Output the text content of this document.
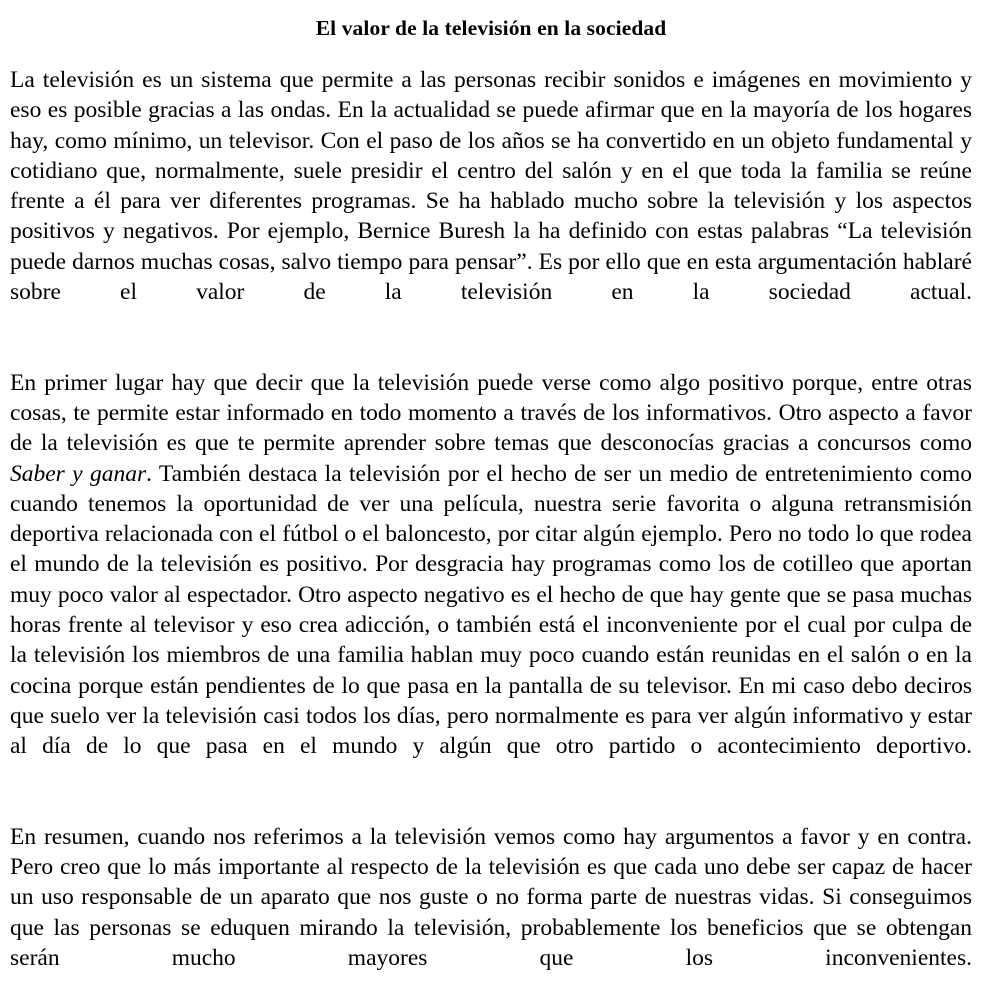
El valor de la televisión en la sociedad

La televisión es un sistema que permite a las personas recibir sonidos e imágenes en movimiento y eso es posible gracias a las ondas. En la actualidad se puede afirmar que en la mayoría de los hogares hay, como mínimo, un televisor. Con el paso de los años se ha convertido en un objeto fundamental y cotidiano que, normalmente, suele presidir el centro del salón y en el que toda la familia se reúne frente a él para ver diferentes programas. Se ha hablado mucho sobre la televisión y los aspectos positivos y negativos. Por ejemplo, Bernice Buresh la ha definido con estas palabras “La televisión puede darnos muchas cosas, salvo tiempo para pensar”. Es por ello que en esta argumentación hablaré sobre el valor de la televisión en la sociedad actual.

En primer lugar hay que decir que la televisión puede verse como algo positivo porque, entre otras cosas, te permite estar informado en todo momento a través de los informativos. Otro aspecto a favor de la televisión es que te permite aprender sobre temas que desconocías gracias a concursos como Saber y ganar. También destaca la televisión por el hecho de ser un medio de entretenimiento como cuando tenemos la oportunidad de ver una película, nuestra serie favorita o alguna retransmisión deportiva relacionada con el fútbol o el baloncesto, por citar algún ejemplo. Pero no todo lo que rodea el mundo de la televisión es positivo. Por desgracia hay programas como los de cotilleo que aportan muy poco valor al espectador. Otro aspecto negativo es el hecho de que hay gente que se pasa muchas horas frente al televisor y eso crea adicción, o también está el inconveniente por el cual por culpa de la televisión los miembros de una familia hablan muy poco cuando están reunidas en el salón o en la cocina porque están pendientes de lo que pasa en la pantalla de su televisor. En mi caso debo deciros que suelo ver la televisión casi todos los días, pero normalmente es para ver algún informativo y estar al día de lo que pasa en el mundo y algún que otro partido o acontecimiento deportivo.

En resumen, cuando nos referimos a la televisión vemos como hay argumentos a favor y en contra. Pero creo que lo más importante al respecto de la televisión es que cada uno debe ser capaz de hacer un uso responsable de un aparato que nos guste o no forma parte de nuestras vidas. Si conseguimos que las personas se eduquen mirando la televisión, probablemente los beneficios que se obtengan serán mucho mayores que los inconvenientes.
